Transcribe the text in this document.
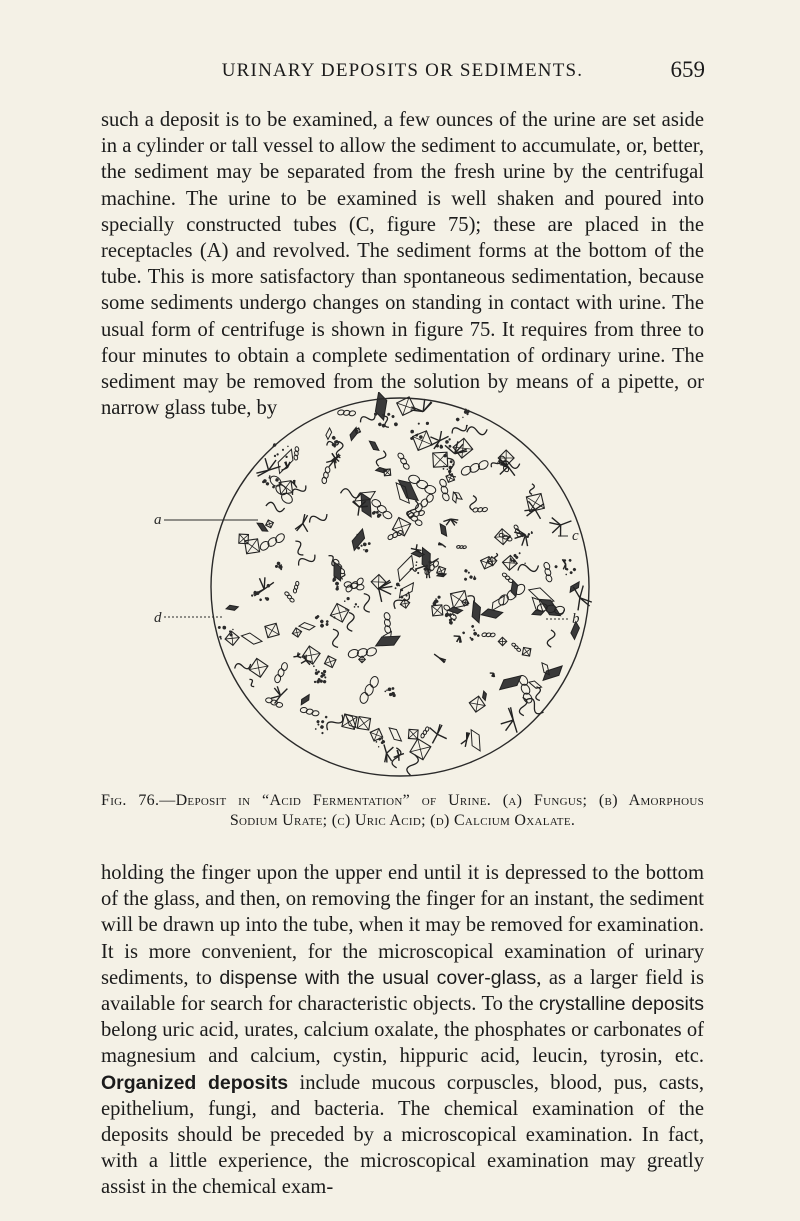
URINARY DEPOSITS OR SEDIMENTS.	659

such a deposit is to be examined, a few ounces of the urine are set aside in a cylinder or tall vessel to allow the sediment to accumulate, or, better, the sediment may be separated from the fresh urine by the centrifugal machine. The urine to be examined is well shaken and poured into specially constructed tubes (C, figure 75); these are placed in the receptacles (A) and revolved. The sediment forms at the bottom of the tube. This is more satisfactory than spontaneous sedimentation, because some sediments undergo changes on standing in contact with urine. The usual form of centrifuge is shown in figure 75. It requires from three to four minutes to obtain a complete sedimentation of ordinary urine. The sediment may be removed from the solution by means of a pipette, or narrow glass tube, by

a
d
c
b
Fig. 76.—Deposit in “Acid Fermentation” of Urine. (a) Fungus; (b) Amorphous
Sodium Urate; (c) Uric Acid; (d) Calcium Oxalate.

holding the finger upon the upper end until it is depressed to the bottom of the glass, and then, on removing the finger for an instant, the sediment will be drawn up into the tube, when it may be removed for examination. It is more convenient, for the microscopical examination of urinary sediments, to dispense with the usual cover-glass, as a larger field is available for search for characteristic objects. To the crystalline deposits belong uric acid, urates, calcium oxalate, the phosphates or carbonates of magnesium and calcium, cystin, hippuric acid, leucin, tyrosin, etc. Organized deposits include mucous corpuscles, blood, pus, casts, epithelium, fungi, and bacteria. The chemical examination of the deposits should be preceded by a microscopical examination. In fact, with a little experience, the microscopical examination may greatly assist in the chemical exam-
